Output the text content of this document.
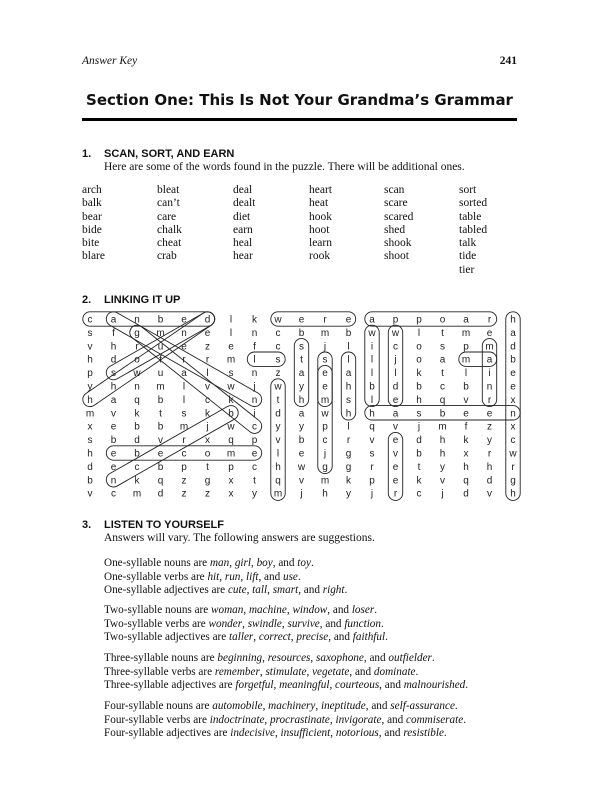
Answer Key	241
Section One: This Is Not Your Grandma’s Grammar
1. SCAN, SORT, AND EARN
Here are some of the words found in the puzzle. There will be additional ones.
arch
balk
bear
bide
bite
blare
bleat
can’t
care
chalk
cheat
crab
deal
dealt
diet
earn
heal
hear
heart
heat
hook
hoot
learn
rook
scan
scare
scared
shed
shook
shoot
sort
sorted
table
tabled
talk
tide
tier
2. LINKING IT UP
c a n b e d l k w e r e a p p o a r h
s f g m n e l n c b m b w w l t m e a
v h r u e z e f c s j l i c o s p m d
h d o f r r m l s t s l l j o a m a b
p s w u a l s n z a e a l l k t l i e
y h n m l v w j w y e h b d b c b n e
h a q b l c k n t h m s l e h q v r x
m v k t s k b i d a w h h a s b e e n
x e b b m j w c y y p l q v j m f z x
s b d v r x q p v b c r v e d h k y c
h e b e c o m e l e j g s v b h x r w
d e c b p t p c h w g g r e t y h h r
b n k q z g x t q v m k p e k v q d g
v c m d z z x y m j h y j r c j d v h
3. LISTEN TO YOURSELF
Answers will vary. The following answers are suggestions.
One-syllable nouns are man, girl, boy, and toy.
One-syllable verbs are hit, run, lift, and use.
One-syllable adjectives are cute, tall, smart, and right.
Two-syllable nouns are woman, machine, window, and loser.
Two-syllable verbs are wonder, swindle, survive, and function.
Two-syllable adjectives are taller, correct, precise, and faithful.
Three-syllable nouns are beginning, resources, saxophone, and outfielder.
Three-syllable verbs are remember, stimulate, vegetate, and dominate.
Three-syllable adjectives are forgetful, meaningful, courteous, and malnourished.
Four-syllable nouns are automobile, machinery, ineptitude, and self-assurance.
Four-syllable verbs are indoctrinate, procrastinate, invigorate, and commiserate.
Four-syllable adjectives are indecisive, insufficient, notorious, and resistible.
